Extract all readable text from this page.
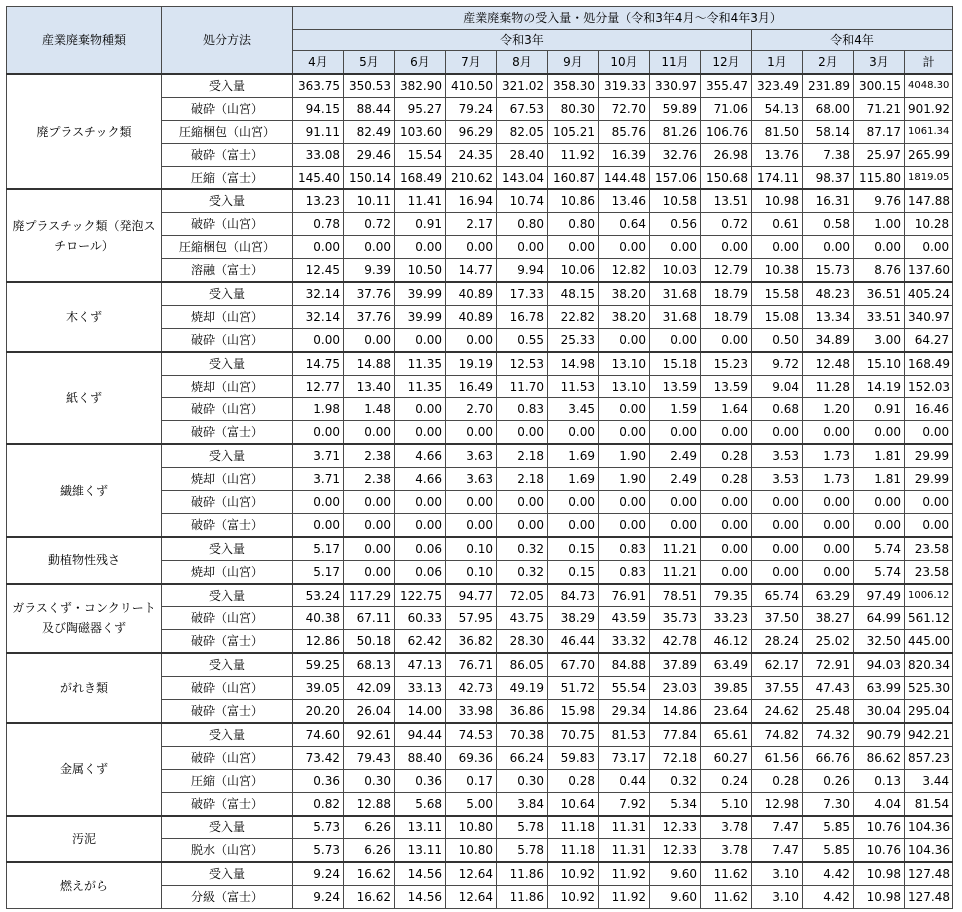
産業廃棄物種類	処分方法	産業廃棄物の受入量・処分量（令和3年4月～令和4年3月）												
		令和3年									令和4年			
		4月	5月	6月	7月	8月	9月	10月	11月	12月	1月	2月	3月	計
廃プラスチック類	受入量	363.75	350.53	382.90	410.50	321.02	358.30	319.33	330.97	355.47	323.49	231.89	300.15	4048.30
	破砕（山宮）	94.15	88.44	95.27	79.24	67.53	80.30	72.70	59.89	71.06	54.13	68.00	71.21	901.92
	圧縮梱包（山宮）	91.11	82.49	103.60	96.29	82.05	105.21	85.76	81.26	106.76	81.50	58.14	87.17	1061.34
	破砕（富士）	33.08	29.46	15.54	24.35	28.40	11.92	16.39	32.76	26.98	13.76	7.38	25.97	265.99
	圧縮（富士）	145.40	150.14	168.49	210.62	143.04	160.87	144.48	157.06	150.68	174.11	98.37	115.80	1819.05
廃プラスチック類（発泡スチロール）	受入量	13.23	10.11	11.41	16.94	10.74	10.86	13.46	10.58	13.51	10.98	16.31	9.76	147.88
	破砕（山宮）	0.78	0.72	0.91	2.17	0.80	0.80	0.64	0.56	0.72	0.61	0.58	1.00	10.28
	圧縮梱包（山宮）	0.00	0.00	0.00	0.00	0.00	0.00	0.00	0.00	0.00	0.00	0.00	0.00	0.00
	溶融（富士）	12.45	9.39	10.50	14.77	9.94	10.06	12.82	10.03	12.79	10.38	15.73	8.76	137.60
木くず	受入量	32.14	37.76	39.99	40.89	17.33	48.15	38.20	31.68	18.79	15.58	48.23	36.51	405.24
	焼却（山宮）	32.14	37.76	39.99	40.89	16.78	22.82	38.20	31.68	18.79	15.08	13.34	33.51	340.97
	破砕（山宮）	0.00	0.00	0.00	0.00	0.55	25.33	0.00	0.00	0.00	0.50	34.89	3.00	64.27
紙くず	受入量	14.75	14.88	11.35	19.19	12.53	14.98	13.10	15.18	15.23	9.72	12.48	15.10	168.49
	焼却（山宮）	12.77	13.40	11.35	16.49	11.70	11.53	13.10	13.59	13.59	9.04	11.28	14.19	152.03
	破砕（山宮）	1.98	1.48	0.00	2.70	0.83	3.45	0.00	1.59	1.64	0.68	1.20	0.91	16.46
	破砕（富士）	0.00	0.00	0.00	0.00	0.00	0.00	0.00	0.00	0.00	0.00	0.00	0.00	0.00
繊維くず	受入量	3.71	2.38	4.66	3.63	2.18	1.69	1.90	2.49	0.28	3.53	1.73	1.81	29.99
	焼却（山宮）	3.71	2.38	4.66	3.63	2.18	1.69	1.90	2.49	0.28	3.53	1.73	1.81	29.99
	破砕（山宮）	0.00	0.00	0.00	0.00	0.00	0.00	0.00	0.00	0.00	0.00	0.00	0.00	0.00
	破砕（富士）	0.00	0.00	0.00	0.00	0.00	0.00	0.00	0.00	0.00	0.00	0.00	0.00	0.00
動植物性残さ	受入量	5.17	0.00	0.06	0.10	0.32	0.15	0.83	11.21	0.00	0.00	0.00	5.74	23.58
	焼却（山宮）	5.17	0.00	0.06	0.10	0.32	0.15	0.83	11.21	0.00	0.00	0.00	5.74	23.58
ガラスくず・コンクリート及び陶磁器くず	受入量	53.24	117.29	122.75	94.77	72.05	84.73	76.91	78.51	79.35	65.74	63.29	97.49	1006.12
	破砕（山宮）	40.38	67.11	60.33	57.95	43.75	38.29	43.59	35.73	33.23	37.50	38.27	64.99	561.12
	破砕（富士）	12.86	50.18	62.42	36.82	28.30	46.44	33.32	42.78	46.12	28.24	25.02	32.50	445.00
がれき類	受入量	59.25	68.13	47.13	76.71	86.05	67.70	84.88	37.89	63.49	62.17	72.91	94.03	820.34
	破砕（山宮）	39.05	42.09	33.13	42.73	49.19	51.72	55.54	23.03	39.85	37.55	47.43	63.99	525.30
	破砕（富士）	20.20	26.04	14.00	33.98	36.86	15.98	29.34	14.86	23.64	24.62	25.48	30.04	295.04
金属くず	受入量	74.60	92.61	94.44	74.53	70.38	70.75	81.53	77.84	65.61	74.82	74.32	90.79	942.21
	破砕（山宮）	73.42	79.43	88.40	69.36	66.24	59.83	73.17	72.18	60.27	61.56	66.76	86.62	857.23
	圧縮（山宮）	0.36	0.30	0.36	0.17	0.30	0.28	0.44	0.32	0.24	0.28	0.26	0.13	3.44
	破砕（富士）	0.82	12.88	5.68	5.00	3.84	10.64	7.92	5.34	5.10	12.98	7.30	4.04	81.54
汚泥	受入量	5.73	6.26	13.11	10.80	5.78	11.18	11.31	12.33	3.78	7.47	5.85	10.76	104.36
	脱水（山宮）	5.73	6.26	13.11	10.80	5.78	11.18	11.31	12.33	3.78	7.47	5.85	10.76	104.36
燃えがら	受入量	9.24	16.62	14.56	12.64	11.86	10.92	11.92	9.60	11.62	3.10	4.42	10.98	127.48
	分級（富士）	9.24	16.62	14.56	12.64	11.86	10.92	11.92	9.60	11.62	3.10	4.42	10.98	127.48
